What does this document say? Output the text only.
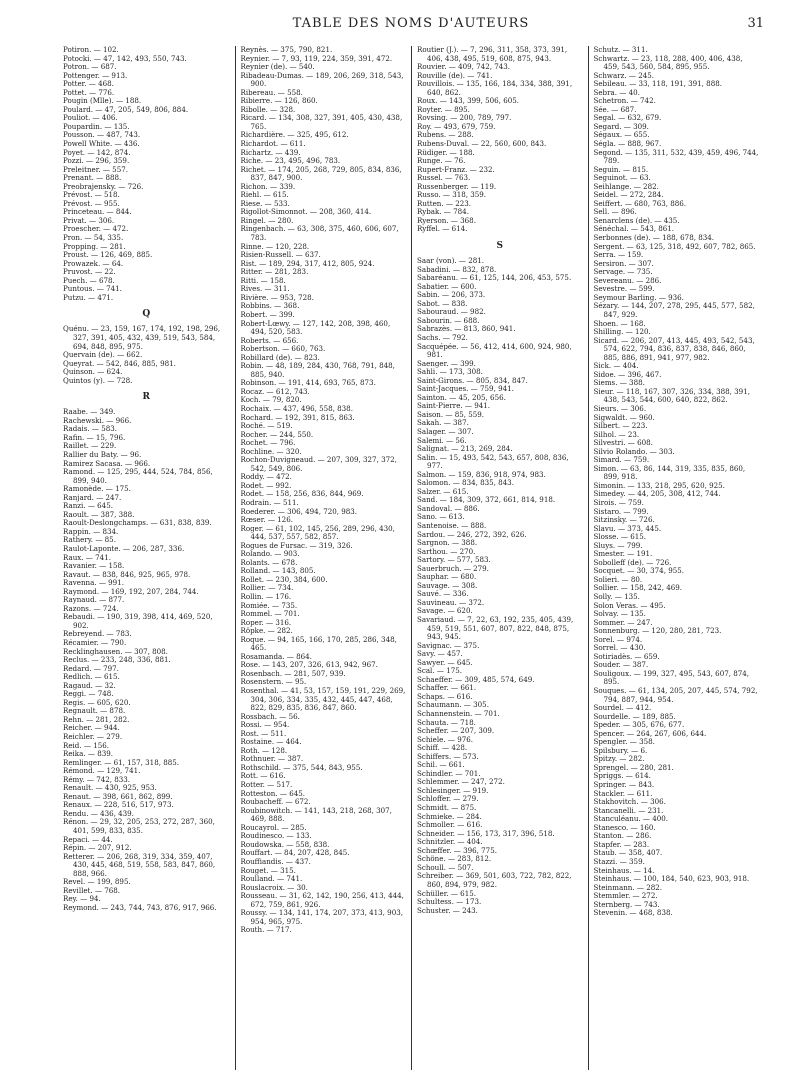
TABLE DES NOMS D'AUTEURS	31
Potiron. — 102.
Potocki. — 47, 142, 493, 550, 743.
Potron. — 687.
Pottenger. — 913.
Potter. — 468.
Pottet. — 776.
Pougin (Mlle). — 188.
Poulard. — 47, 205, 549, 806, 884.
Pouliot. — 406.
Poupardin. — 135.
Pousson. — 487, 743.
Powell White. — 436.
Poyet. — 142, 874.
Pozzi. — 296, 359.
Preleitner. — 557.
Prenant. — 888.
Preobrajensky. — 726.
Prévost. — 518.
Prévost. — 955.
Princeteau. — 844.
Privat. — 306.
Proescher. — 472.
Pron. — 54, 335.
Propping. — 281.
Proust. — 126, 469, 885.
Prowazek. — 64.
Pruvost. — 22.
Puech. — 678.
Puntous. — 741.
Putzu. — 471.
Q
Quénu. — 23, 159, 167, 174, 192, 198, 296, 327, 391, 405, 432, 439, 519, 543, 584, 694, 848, 895, 975.
Quervain (de). — 662.
Queyrat. — 542, 846, 885, 981.
Quinson. — 624.
Quintos (y). — 728.
R
Raabe. — 349.
Rachewski. — 966.
Radais. — 583.
Rafin. — 15, 796.
Raillet. — 229.
Rallier du Baty. — 96.
Ramirez Sacasa. — 966.
Ramond. — 125, 295, 444, 524, 784, 856, 899, 940.
Ramonède. — 175.
Ranjard. — 247.
Ranzi. — 645.
Raoult. — 387, 388.
Raoult-Deslongchamps. — 631, 838, 839.
Rappin. — 834.
Rathery. — 85.
Raulot-Laponte. — 206, 287, 336.
Raux. — 741.
Ravanier. — 158.
Ravaut. — 838, 846, 925, 965, 978.
Ravenna. — 991.
Raymond. — 169, 192, 207, 284, 744.
Raynaud. — 877.
Razons. — 724.
Rebaudi. — 190, 319, 398, 414, 469, 520, 902.
Rebreyend. — 783.
Récamier. — 790.
Recklinghausen. — 307, 808.
Reclus. — 233, 248, 336, 881.
Redard. — 797.
Redlich. — 615.
Ragaud. — 32.
Reggi. — 748.
Regis. — 605, 620.
Regnault. — 878.
Rehn. — 281, 282.
Reicher. — 944.
Reichler. — 279.
Reid. — 156.
Reika. — 839.
Remlinger. — 61, 157, 318, 885.
Rémond. — 129, 741.
Rémy. — 742, 833.
Renault. — 430, 925, 953.
Renaut. — 398, 661, 862, 899.
Renaux. — 228, 516, 517, 973.
Rendu. — 436, 439.
Rénon. — 29, 32, 205, 253, 272, 287, 360, 401, 599, 833, 835.
Repaci. — 44.
Répin. — 207, 912.
Retterer. — 206, 268, 319, 334, 359, 407, 430, 445, 468, 519, 558, 583, 847, 860, 888, 966.
Revel. — 199, 895.
Revillet. — 768.
Rey. — 94.
Reymond. — 243, 744, 743, 876, 917, 966.
Reynès. — 375, 790, 821.
Reynier. — 7, 93, 119, 224, 359, 391, 472.
Reynier (de). — 540.
Ribadeau-Dumas. — 189, 206, 269, 318, 543, 900.
Ribereau. — 558.
Ribierre. — 126, 860.
Ribolle. — 328.
Ricard. — 134, 308, 327, 391, 405, 430, 438, 765.
Richardière. — 325, 495, 612.
Richardot. — 611.
Richartz. — 439.
Riche. — 23, 495, 496, 783.
Richet. — 174, 205, 268, 729, 805, 834, 836, 837, 847, 900.
Richon. — 339.
Riehl. — 615.
Riese. — 533.
Rigollot-Simonnot. — 208, 360, 414.
Ringel. — 280.
Ringenbach. — 63, 308, 375, 460, 606, 607, 783.
Rinne. — 120, 228.
Risien-Russell. — 637.
Rist. — 189, 294, 317, 412, 805, 924.
Ritter. — 281, 283.
Ritti. — 158.
Rives. — 311.
Rivière. — 953, 728.
Robbins. — 368.
Robert. — 399.
Robert-Lœwy. — 127, 142, 208, 398, 460, 494, 520, 583.
Roberts. — 656.
Robertson. — 660, 763.
Robillard (de). — 823.
Robin. — 48, 189, 284, 430, 768, 791, 848, 885, 940.
Robinson. — 191, 414, 693, 765, 873.
Rocaz. — 612, 743.
Koch. — 79, 820.
Rochaix. — 437, 496, 558, 838.
Rochard. — 192, 391, 815, 863.
Roché. — 519.
Rocher. — 244, 550.
Rochet. — 796.
Rochline. — 320.
Rochon-Duvigneaud. — 207, 309, 327, 372, 542, 549, 806.
Roddy. — 472.
Rodet. — 992.
Rodet. — 158, 256, 836, 844, 969.
Rodrain. — 511.
Roederer. — 306, 494, 720, 983.
Rœser. — 126.
Roger. — 61, 102, 145, 256, 289, 296, 430, 444, 537, 557, 582, 857.
Rogues de Fursac. — 319, 326.
Rolando. — 903.
Rolants. — 678.
Rolland. — 143, 805.
Rollet. — 230, 384, 600.
Rollier. — 734.
Rollin. — 176.
Romiée. — 735.
Rommel. — 701.
Roper. — 316.
Röpke. — 282.
Roque. — 94, 165, 166, 170, 285, 286, 348, 465.
Rosamanda. — 864.
Rose. — 143, 207, 326, 613, 942, 967.
Rosenbach. — 281, 507, 939.
Rosenstern. — 95.
Rosenthal. — 41, 53, 157, 159, 191, 229, 269, 304, 306, 334, 335, 432, 445, 447, 468, 822, 829, 835, 836, 847, 860.
Rossbach. — 56.
Rossi. — 954.
Rost. — 511.
Rostaine. — 464.
Roth. — 128.
Rothnuer. — 387.
Rothschild. — 375, 544, 843, 955.
Rott. — 616.
Rotter. — 517.
Rotteston. — 645.
Roubacheff. — 672.
Roubinowitch. — 141, 143, 218, 268, 307, 469, 888.
Roucayrol. — 285.
Roudinesco. — 133.
Roudowska. — 558, 838.
Rouffart. — 84, 207, 428, 845.
Rouffiandis. — 437.
Rouget. — 315.
Roulland. — 741.
Rouslacroix. — 30.
Rousseau. — 31, 62, 142, 190, 256, 413, 444, 672, 759, 861, 926.
Roussy. — 134, 141, 174, 207, 373, 413, 903, 954, 965, 975.
Routh. — 717.
Routier (J.). — 7, 296, 311, 358, 373, 391, 406, 438, 495, 519, 608, 875, 943.
Rouvier. — 409, 742, 743.
Rouville (de). — 741.
Rouvillois. — 135, 166, 184, 334, 388, 391, 640, 862.
Roux. — 143, 399, 506, 605.
Royter. — 895.
Rovsing. — 200, 789, 797.
Roy. — 493, 679, 759.
Rubens. — 288.
Rubens-Duval. — 22, 560, 600, 843.
Rüdiger. — 188.
Runge. — 76.
Rupert-Franz. — 232.
Russel. — 763.
Russenberger. — 119.
Russo. — 318, 359.
Rutten. — 223.
Rybak. — 784.
Ryerson. — 368.
Ryffel. — 614.
S
Saar (von). — 281.
Sabadini. — 832, 878.
Sabaréanu. — 61, 125, 144, 206, 453, 575.
Sabatier. — 600.
Sabin. — 206, 373.
Sabot. — 838.
Sabouraud. — 982.
Sabourin. — 688.
Sabrazès. — 813, 860, 941.
Sachs. — 792.
Sacquépée. — 56, 412, 414, 600, 924, 980, 981.
Saenger. — 399.
Sahli. — 173, 308.
Saint-Girons. — 805, 834, 847.
Saint-Jacques. — 759, 941.
Sainton. — 45, 205, 656.
Saint-Pierre. — 941.
Saison. — 85, 559.
Sakah. — 387.
Salager. — 307.
Salemi. — 56.
Salignat. — 213, 269, 284.
Salin. — 15, 493, 542, 543, 657, 808, 836, 977.
Salmon. — 159, 836, 918, 974, 983.
Salomon. — 834, 835, 843.
Salzer. — 615.
Sand. — 184, 309, 372, 661, 814, 918.
Sandoval. — 886.
Sano. — 613.
Santenoise. — 888.
Sardou. — 246, 272, 392, 626.
Sargnon. — 388.
Sarthou. — 270.
Sartory. — 577, 583.
Sauerbruch. — 279.
Sauphar. — 680.
Sauvage. — 308.
Sauvé. — 336.
Sauvineau. — 372.
Savage. — 620.
Savariaud. — 7, 22, 63, 192, 235, 405, 439, 459, 519, 551, 607, 807, 822, 848, 875, 943, 945.
Savignac. — 375.
Savy. — 457.
Sawyer. — 645.
Scal. — 175.
Schaeffer. — 309, 485, 574, 649.
Schaffer. — 661.
Schaps. — 616.
Schaumann. — 305.
Schannenstein. — 701.
Schauta. — 718.
Scheffer. — 207, 309.
Schiele. — 976.
Schiff. — 428.
Schiffers. — 573.
Schil. — 661.
Schindler. — 701.
Schlemmer. — 247, 272.
Schlesinger. — 919.
Schloffer. — 279.
Schmidt. — 875.
Schmieke. — 284.
Schmoller. — 616.
Schneider. — 156, 173, 317, 396, 518.
Schnitzler. — 404.
Schœffer. — 396, 775.
Schöne. — 283, 812.
Schoull. — 507.
Schreiber. — 369, 501, 603, 722, 782, 822, 860, 894, 979, 982.
Schüller. — 615.
Schultess. — 173.
Schuster. — 243.
Schutz. — 311.
Schwartz. — 23, 118, 288, 400, 406, 438, 459, 543, 560, 584, 895, 955.
Schwarz. — 245.
Sebileau. — 33, 118, 191, 391, 888.
Sebra. — 40.
Schetron. — 742.
Sée. — 687.
Segal. — 632, 679.
Segard. — 309.
Ségaux. — 655.
Ségla. — 888, 967.
Segond. — 135, 311, 532, 439, 459, 496, 744, 789.
Seguin. — 815.
Seguinot. — 63.
Seihlange. — 282.
Seidel. — 272, 284.
Seiffert. — 680, 763, 886.
Sell. — 896.
Senarclens (de). — 435.
Sénéchal. — 543, 861.
Serbonnes (de). — 188, 678, 834.
Sergent. — 63, 125, 318, 492, 607, 782, 865.
Serra. — 159.
Sersiron. — 307.
Servage. — 735.
Severeanu. — 286.
Sevestre. — 599.
Seymour Barling. — 936.
Sézary. — 144, 207, 278, 295, 445, 577, 582, 847, 929.
Shoen. — 168.
Shilling. — 120.
Sicard. — 206, 207, 413, 445, 493, 542, 543, 574, 622, 794, 836, 837, 838, 846, 860, 885, 886, 891, 941, 977, 982.
Sick. — 404.
Sidoe. — 396, 467.
Siems. — 388.
Sieur. — 118, 167, 307, 326, 334, 388, 391, 438, 543, 544, 600, 640, 822, 862.
Sieurs. — 306.
Sigwaldt. — 960.
Silbert. — 223.
Silhol. — 23.
Silvestri. — 608.
Silvio Rolando. — 303.
Simard. — 759.
Simon. — 63, 86, 144, 319, 335, 835, 860, 899, 918.
Simonin. — 133, 218, 295, 620, 925.
Simedey. — 44, 205, 308, 412, 744.
Sirois. — 759.
Sistaro. — 799.
Sitzinsky. — 726.
Slavu. — 373, 445.
Slosse. — 615.
Sluys. — 799.
Smester. — 191.
Sobolleff (de). — 726.
Socquet. — 30, 374, 955.
Solieri. — 80.
Sollier. — 158, 242, 469.
Solly. — 135.
Solon Veras. — 495.
Solvay. — 135.
Sommer. — 247.
Sonnenburg. — 120, 280, 281, 723.
Sorel. — 974.
Sorrel. — 430.
Sotiriadès. — 659.
Souder. — 387.
Souligoux. — 199, 327, 495, 543, 607, 874, 895.
Souques. — 61, 134, 205, 207, 445, 574, 792, 794, 887, 944, 954.
Sourdel. — 412.
Sourdelle. — 189, 885.
Speder. — 305, 676, 677.
Spencer. — 264, 267, 606, 644.
Spengler. — 358.
Spilsbury. — 6.
Spitzy. — 282.
Sprengel. — 280, 281.
Spriggs. — 614.
Springer. — 843.
Stackler. — 611.
Stakhovitch. — 306.
Stancanelli. — 231.
Stanculéanu. — 400.
Stanesco. — 160.
Stanton. — 286.
Stapfer. — 283.
Staub. — 358, 407.
Stazzi. — 359.
Steinhaus. — 14.
Steinhaus. — 100, 184, 540, 623, 903, 918.
Steinmann. — 282.
Stemmler. — 272.
Sternberg. — 743.
Stevenin. — 468, 838.
